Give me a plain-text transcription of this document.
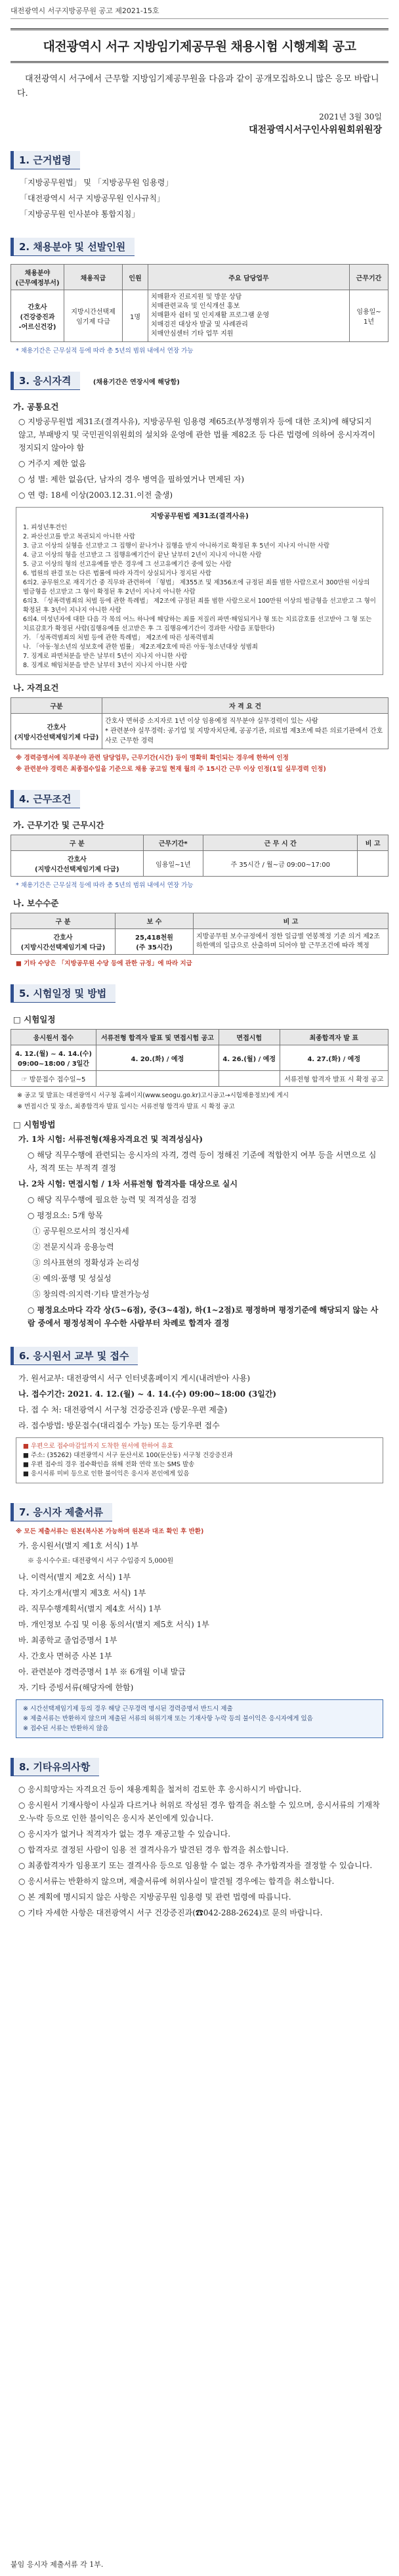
대전광역시 서구지방공무원 공고 제2021-15호
대전광역시 서구 지방임기제공무원 채용시험 시행계획 공고
대전광역시 서구에서 근무할 지방임기제공무원을 다음과 같이 공개모집하오니 많은 응모 바랍니다.
2021년 3월 30일
대전광역시서구인사위원회위원장
1. 근거법령
「지방공무원법」 및 「지방공무원 임용령」
「대전광역시 서구 지방공무원 인사규칙」
「지방공무원 인사분야 통합지침」
2. 채용분야 및 선발인원
채용분야
(근무예정부서)	채용직급	인원	주요 담당업무	근무기간
간호사
(건강증진과
-어르신건강)	지방시간선택제
임기제 다급	1명	치매환자 진료지원 및 방문 상담
치매관련교육 및 인식개선 홍보
치매환자 쉼터 및 인지재활 프로그램 운영
치매검진 대상자 발굴 및 사례관리
치매안심센터 기타 업무 지원	임용일~
1년
* 채용기간은 근무실적 등에 따라 총 5년의 범위 내에서 연장 가능
3. 응시자격	(채용기간은 연장시에 해당함)
가. 공통요건
○ 지방공무원법 제31조(결격사유), 지방공무원 임용령 제65조(부정행위자 등에 대한 조치)에 해당되지 않고, 부패방지 및 국민권익위원회의 설치와 운영에 관한 법률 제82조 등 다른 법령에 의하여 응시자격이 정지되지 않아야 함
○ 거주지 제한 없음
○ 성 별: 제한 없음(단, 남자의 경우 병역을 필하였거나 면제된 자)
○ 연 령: 18세 이상(2003.12.31.이전 출생)
지방공무원법 제31조(결격사유)
1. 피성년후견인
2. 파산선고를 받고 복권되지 아니한 사람
3. 금고 이상의 실형을 선고받고 그 집행이 끝나거나 집행을 받지 아니하기로 확정된 후 5년이 지나지 아니한 사람
4. 금고 이상의 형을 선고받고 그 집행유예기간이 끝난 날부터 2년이 지나지 아니한 사람
5. 금고 이상의 형의 선고유예를 받은 경우에 그 선고유예기간 중에 있는 사람
6. 법원의 판결 또는 다른 법률에 따라 자격이 상실되거나 정지된 사람
6의2. 공무원으로 재직기간 중 직무와 관련하여 「형법」 제355조 및 제356조에 규정된 죄를 범한 사람으로서 300만원 이상의 벌금형을 선고받고 그 형이 확정된 후 2년이 지나지 아니한 사람
6의3. 「성폭력범죄의 처벌 등에 관한 특례법」 제2조에 규정된 죄를 범한 사람으로서 100만원 이상의 벌금형을 선고받고 그 형이 확정된 후 3년이 지나지 아니한 사람
6의4. 미성년자에 대한 다음 각 목의 어느 하나에 해당하는 죄를 저질러 파면·해임되거나 형 또는 치료감호를 선고받아 그 형 또는 치료감호가 확정된 사람(집행유예를 선고받은 후 그 집행유예기간이 경과한 사람을 포함한다)
가. 「성폭력범죄의 처벌 등에 관한 특례법」 제2조에 따른 성폭력범죄
나. 「아동·청소년의 성보호에 관한 법률」 제2조제2호에 따른 아동·청소년대상 성범죄
7. 징계로 파면처분을 받은 날부터 5년이 지나지 아니한 사람
8. 징계로 해임처분을 받은 날부터 3년이 지나지 아니한 사람
나. 자격요건
구분	자 격 요 건
간호사
(지방시간선택제임기제 다급)	간호사 면허증 소지자로 1년 이상 임용예정 직무분야 실무경력이 있는 사람
* 관련분야 실무경력: 공기업 및 지방자치단체, 공공기관, 의료법 제3조에 따른 의료기관에서 간호사로 근무한 경력
※ 경력증명서에 직무분야 관련 담당업무, 근무기간(시간) 등이 명확히 확인되는 경우에 한하여 인정
※ 관련분야 경력은 최종접수일을 기준으로 채용 공고일 현재 월의 주 15시간 근무 이상 인정(1일 실무경력 인정)
4. 근무조건
가. 근무기간 및 근무시간
구 분	근무기간*	근 무 시 간	비 고
간호사
(지방시간선택제임기제 다급)	임용일~1년	주 35시간 / 월~금 09:00~17:00	
* 채용기간은 근무실적 등에 따라 총 5년의 범위 내에서 연장 가능
나. 보수수준
구 분	보 수	비 고
간호사
(지방시간선택제임기제 다급)	25,418천원
(주 35시간)	지방공무원 보수규정에서 정한 일급별 연봉책정 기준 의거 제2조 하한액의 일급으로 산출하며 되어야 할 근무조건에 따라 책정
■ 기타 수당은 「지방공무원 수당 등에 관한 규정」에 따라 지급
5. 시험일정 및 방법
□ 시험일정
응시원서 접수	서류전형 합격자 발표 및 면접시험 공고	면접시험	최종합격자 발 표
4. 12.(월) ~ 4. 14.(수)
09:00~18:00 / 3일간	4. 20.(화) / 예정	4. 26.(월) / 예정	4. 27.(화) / 예정
☞ 방문접수 접수일~5			서류전형 합격자 발표 시 확정 공고
※ 공고 및 발표는 대전광역시 서구청 홈페이지(www.seogu.go.kr)고시공고→시험채용정보)에 게시
※ 면접시간 및 장소, 최종합격자 발표 일시는 서류전형 합격자 발표 시 확정 공고
□ 시험방법
가. 1차 시험: 서류전형(채용자격요건 및 적격성심사)
○ 해당 직무수행에 관련되는 응시자의 자격, 경력 등이 정해진 기준에 적합한지 여부 등을 서면으로 심사, 적격 또는 부적격 결정
나. 2차 시험: 면접시험 / 1차 서류전형 합격자를 대상으로 실시
○ 해당 직무수행에 필요한 능력 및 적격성을 검정
○ 평정요소: 5개 항목
① 공무원으로서의 정신자세
② 전문지식과 응용능력
③ 의사표현의 정확성과 논리성
④ 예의·품행 및 성실성
⑤ 창의력·의지력·기타 발전가능성
○ 평정요소마다 각각 상(5~6점), 중(3~4점), 하(1~2점)로 평정하며 평정기준에 해당되지 않는 사람 중에서 평정성적이 우수한 사람부터 차례로 합격자 결정
6. 응시원서 교부 및 접수
가. 원서교부: 대전광역시 서구 인터넷홈페이지 게시(내려받아 사용)
나. 접수기간: 2021. 4. 12.(월) ~ 4. 14.(수) 09:00~18:00 (3일간)
다. 접 수 처: 대전광역시 서구청 건강증진과 (방문·우편 제출)
라. 접수방법: 방문접수(대리접수 가능) 또는 등기우편 접수
■ 우편으로 접수마감일까지 도착한 원서에 한하여 유효
■ 주소: (35262) 대전광역시 서구 둔산서로 100(둔산동) 서구청 건강증진과
■ 우편 접수의 경우 접수확인을 위해 전화 연락 또는 SMS 발송
■ 응시서류 미비 등으로 인한 불이익은 응시자 본인에게 있음
7. 응시자 제출서류
※ 모든 제출서류는 원본(복사본 가능하며 원본과 대조 확인 후 반환)
가. 응시원서(별지 제1호 서식) 1부
※ 응시수수료: 대전광역시 서구 수입증지 5,000원
나. 이력서(별지 제2호 서식) 1부
다. 자기소개서(별지 제3호 서식) 1부
라. 직무수행계획서(별지 제4호 서식) 1부
마. 개인정보 수집 및 이용 동의서(별지 제5호 서식) 1부
바. 최종학교 졸업증명서 1부
사. 간호사 면허증 사본 1부
아. 관련분야 경력증명서 1부 ※ 6개월 이내 발급
자. 기타 증빙서류(해당자에 한함)
※ 시간선택제임기제 등의 경우 해당 근무경력 명시된 경력증명서 반드시 제출
※ 제출서류는 반환하지 않으며 제출된 서류의 허위기재 또는 기재사항 누락 등의 불이익은 응시자에게 있음
※ 접수된 서류는 반환하지 않음
8. 기타유의사항
○ 응시희망자는 자격요건 등이 채용계획을 철저히 검토한 후 응시하시기 바랍니다.
○ 응시원서 기재사항이 사실과 다르거나 허위로 작성된 경우 합격을 취소할 수 있으며, 응시서류의 기재착오·누락 등으로 인한 불이익은 응시자 본인에게 있습니다.
○ 응시자가 없거나 적격자가 없는 경우 재공고할 수 있습니다.
○ 합격자로 결정된 사람이 임용 전 결격사유가 발견된 경우 합격을 취소합니다.
○ 최종합격자가 임용포기 또는 결격사유 등으로 임용할 수 없는 경우 추가합격자를 결정할 수 있습니다.
○ 응시서류는 반환하지 않으며, 제출서류에 허위사실이 발견될 경우에는 합격을 취소합니다.
○ 본 계획에 명시되지 않은 사항은 지방공무원 임용령 및 관련 법령에 따릅니다.
○ 기타 자세한 사항은 대전광역시 서구 건강증진과(☎042-288-2624)로 문의 바랍니다.
붙임 응시자 제출서류 각 1부.
